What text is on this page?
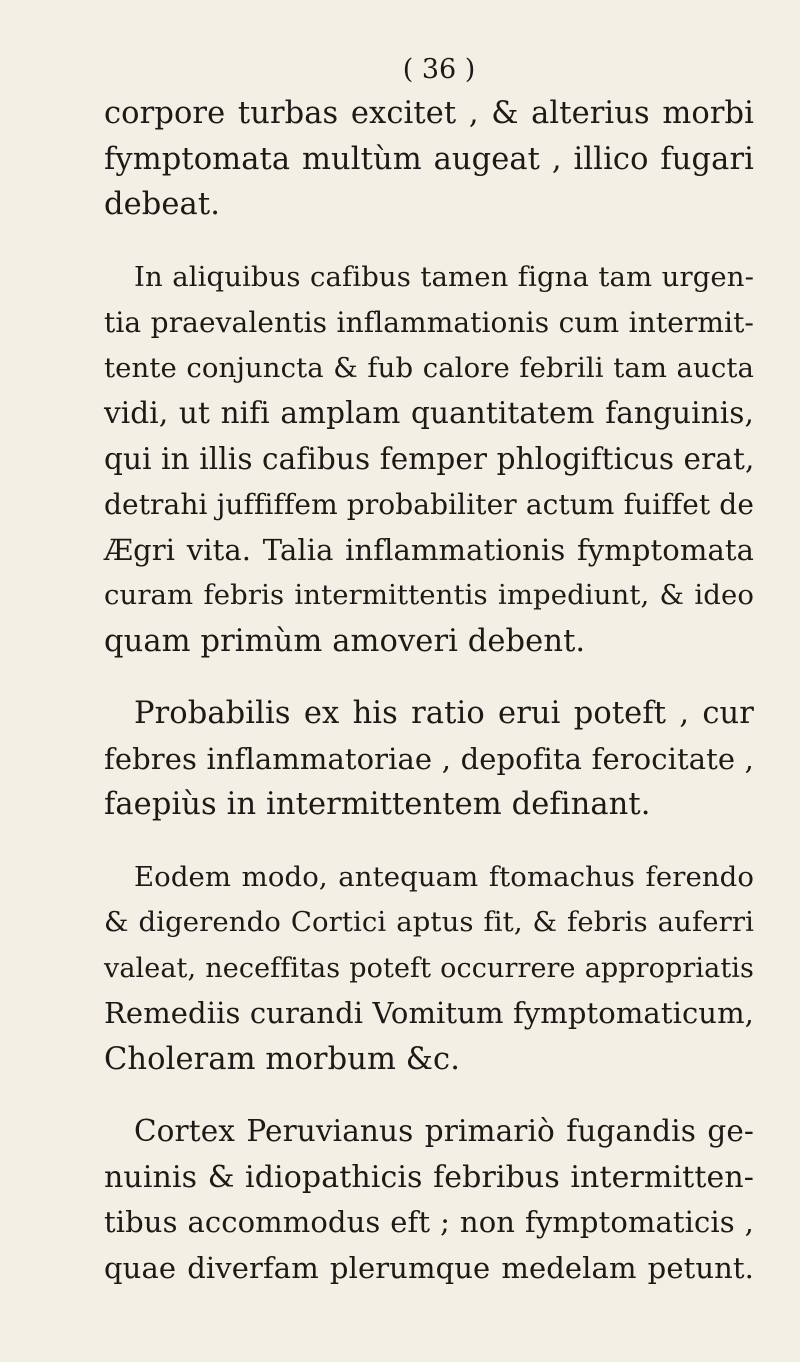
( 36 )
corpore turbas excitet , & alterius morbi
fymptomata multùm augeat , illico fugari
debeat.
In aliquibus cafibus tamen figna tam urgen-
tia praevalentis inflammationis cum intermit-
tente conjuncta & fub calore febrili tam aucta
vidi, ut nifi amplam quantitatem fanguinis,
qui in illis cafibus femper phlogifticus erat,
detrahi juffiffem probabiliter actum fuiffet de
Ægri vita. Talia inflammationis fymptomata
curam febris intermittentis impediunt, & ideo
quam primùm amoveri debent.
Probabilis ex his ratio erui poteft , cur
febres inflammatoriae , depofita ferocitate ,
faepiùs in intermittentem definant.
Eodem modo, antequam ftomachus ferendo
& digerendo Cortici aptus fit, & febris auferri
valeat, neceffitas poteft occurrere appropriatis
Remediis curandi Vomitum fymptomaticum,
Choleram morbum &c.
Cortex Peruvianus primariò fugandis ge-
nuinis & idiopathicis febribus intermitten-
tibus accommodus eft ; non fymptomaticis ,
quae diverfam plerumque medelam petunt.
